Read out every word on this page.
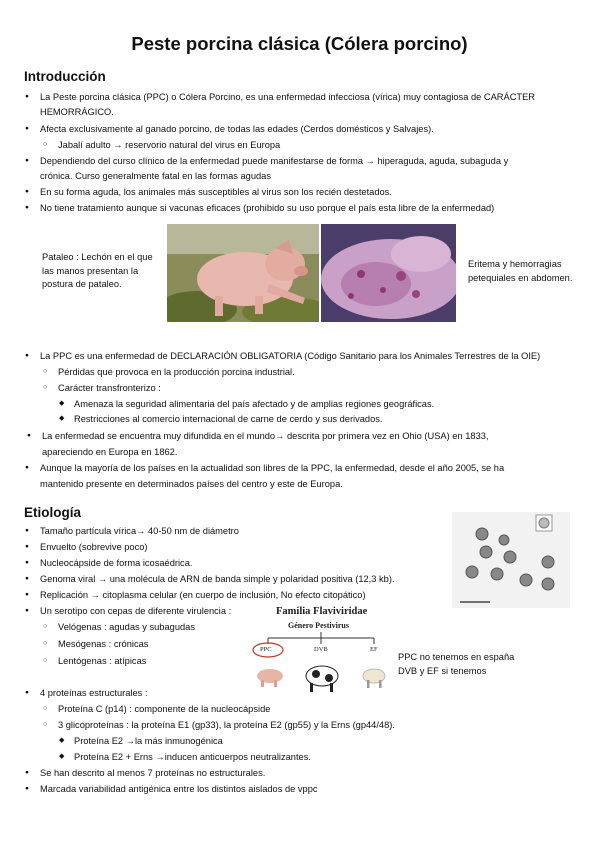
Peste porcina clásica (Cólera porcino)
Introducción
● La Peste porcina clásica (PPC) o Cólera Porcino, es una enfermedad infecciosa (vírica) muy contagiosa de CARÁCTER
HEMORRÁGICO.
● Afecta exclusivamente al ganado porcino, de todas las edades (Cerdos domésticos y Salvajes).
○ Jabalí adulto → reservorio natural del virus en Europa
● Dependiendo del curso clínico de la enfermedad puede manifestarse de forma → hiperaguda, aguda, subaguda y
crónica. Curso generalmente fatal en las formas agudas
● En su forma aguda, los animales más susceptibles al virus son los recién destetados.
● No tiene tratamiento aunque si vacunas eficaces (prohibido su uso porque el país esta libre de la enfermedad)
Pataleo : Lechón en el que
las manos presentan la
postura de pataleo.
Eritema y hemorragias
petequiales en abdomen.
● La PPC es una enfermedad de DECLARACIÓN OBLIGATORIA (Código Sanitario para los Animales Terrestres de la OIE)
○ Pérdidas que provoca en la producción porcina industrial.
○ Carácter transfronterizo :
◆ Amenaza la seguridad alimentaria del país afectado y de amplias regiones geográficas.
◆ Restricciones al comercio internacional de carne de cerdo y sus derivados.
● La enfermedad se encuentra muy difundida en el mundo→ descrita por primera vez en Ohio (USA) en 1833,
apareciendo en Europa en 1862.
● Aunque la mayoría de los países en la actualidad son libres de la PPC, la enfermedad, desde el año 2005, se ha
mantenido presente en determinados países del centro y este de Europa.
Etiología
● Tamaño partícula vírica→ 40-50 nm de diámetro
● Envuelto (sobrevive poco)
● Nucleocápside de forma icosaédrica.
● Genoma viral → una molécula de ARN de banda simple y polaridad positiva (12,3 kb).
● Replicación → citoplasma celular (en cuerpo de inclusión, No efecto citopático)
● Un serotipo con cepas de diferente virulencia :
○ Velógenas : agudas y subagudas
○ Mesógenas : crónicas
○ Lentógenas : atípicas
● 4 proteínas estructurales :
○ Proteína C (p14) : componente de la nucleocápside
○ 3 glicoproteínas : la proteína E1 (gp33), la proteína E2 (gp55) y la Erns (gp44/48).
◆ Proteína E2 →la más inmunogénica
◆ Proteína E2 + Erns →inducen anticuerpos neutralizantes.
● Se han descrito al menos 7 proteínas no estructurales.
● Marcada variabilidad antigénica entre los distintos aislados de vppc
Familia Flaviviridae
Género Pestivirus
PPC	DVB	EF
PPC no tenemos en españa
DVB y EF si tenemos
